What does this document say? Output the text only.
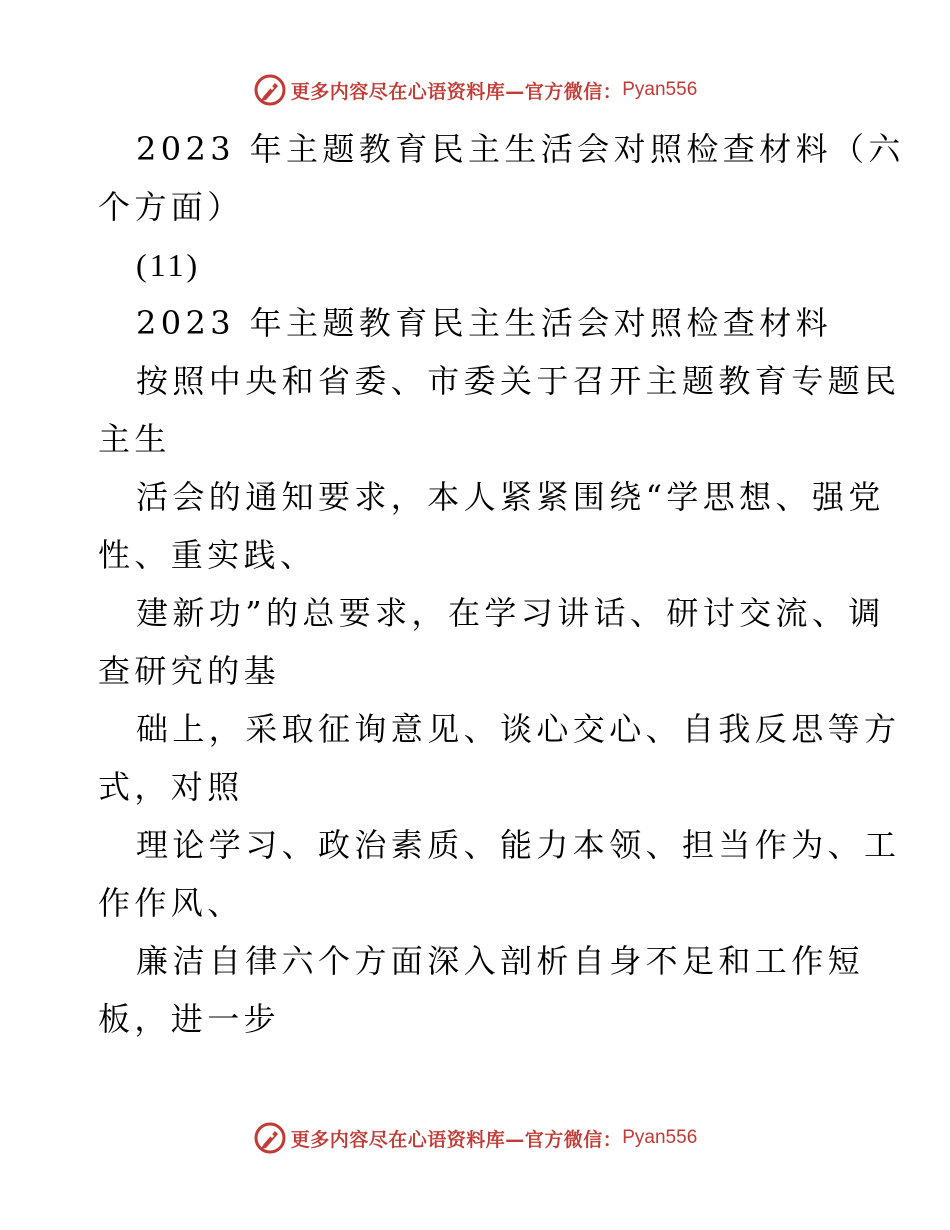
更多内容尽在心语资料库—官方微信： Pyan556
2023 年主题教育民主生活会对照检查材料（六
个方面）
(11)
2023 年主题教育民主生活会对照检查材料
按照中央和省委、市委关于召开主题教育专题民
主生
活会的通知要求，本人紧紧围绕“学思想、强党
性、重实践、
建新功”的总要求，在学习讲话、研讨交流、调
查研究的基
础上，采取征询意见、谈心交心、自我反思等方
式，对照
理论学习、政治素质、能力本领、担当作为、工
作作风、
廉洁自律六个方面深入剖析自身不足和工作短
板，进一步
更多内容尽在心语资料库—官方微信： Pyan556
